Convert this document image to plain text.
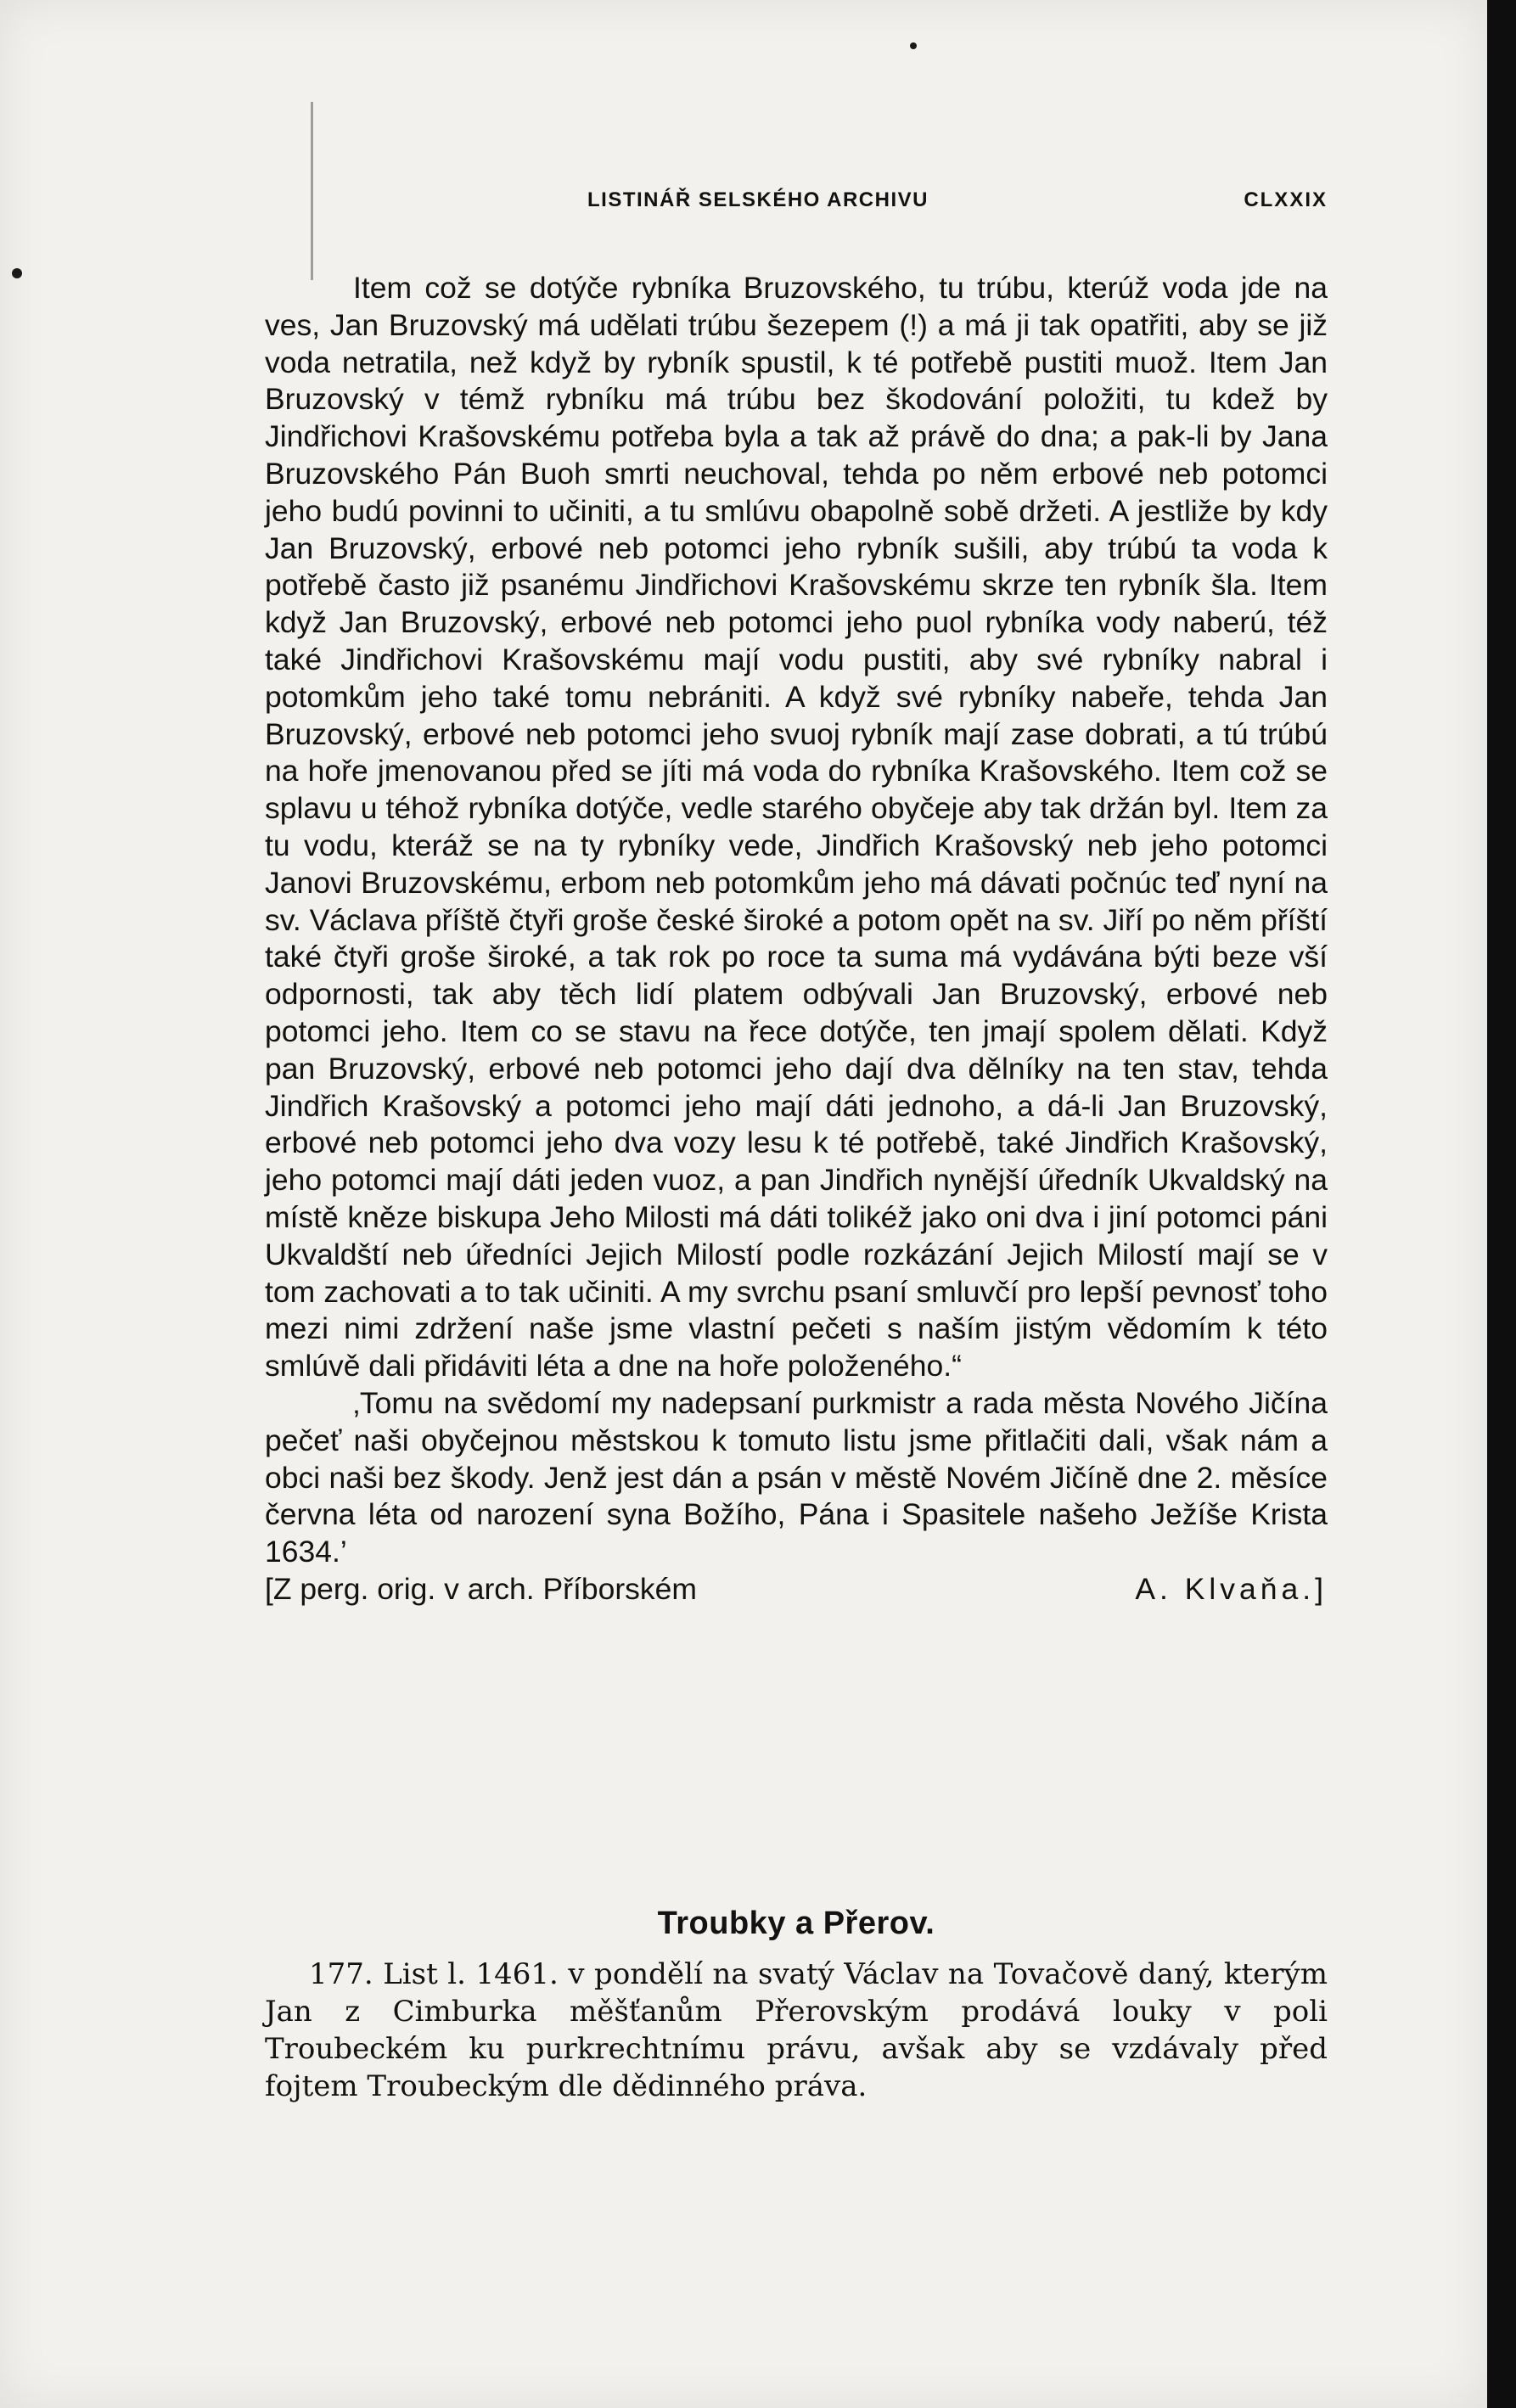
LISTINÁŘ SELSKÉHO ARCHIVU	CLXXIX

Item což se dotýče rybníka Bruzovského, tu trúbu, kterúž voda jde na ves, Jan Bruzovský má udělati trúbu šezepem (!) a má ji tak opatřiti, aby se již voda netratila, než když by rybník spustil, k té potřebě pustiti muož. Item Jan Bruzovský v témž rybníku má trúbu bez škodování položiti, tu kdež by Jindřichovi Krašovskému potřeba byla a tak až právě do dna; a pak-li by Jana Bruzovského Pán Buoh smrti neuchoval, tehda po něm erbové neb potomci jeho budú povinni to učiniti, a tu smlúvu obapolně sobě držeti. A jestliže by kdy Jan Bruzovský, erbové neb potomci jeho rybník sušili, aby trúbú ta voda k potřebě často již psanému Jindřichovi Krašovskému skrze ten rybník šla. Item když Jan Bruzovský, erbové neb potomci jeho puol rybníka vody naberú, též také Jindřichovi Krašovskému mají vodu pustiti, aby své rybníky nabral i potomkům jeho také tomu nebrániti. A když své rybníky nabeře, tehda Jan Bruzovský, erbové neb potomci jeho svuoj rybník mají zase dobrati, a tú trúbú na hoře jmenovanou před se jíti má voda do rybníka Krašovského. Item což se splavu u téhož rybníka dotýče, vedle starého obyčeje aby tak držán byl. Item za tu vodu, kteráž se na ty rybníky vede, Jindřich Krašovský neb jeho potomci Janovi Bruzovskému, erbom neb potomkům jeho má dávati počnúc teď nyní na sv. Václava příště čtyři groše české široké a potom opět na sv. Jiří po něm příští také čtyři groše široké, a tak rok po roce ta suma má vydávána býti beze vší odpornosti, tak aby těch lidí platem odbývali Jan Bruzovský, erbové neb potomci jeho. Item co se stavu na řece dotýče, ten jmají spolem dělati. Když pan Bruzovský, erbové neb potomci jeho dají dva dělníky na ten stav, tehda Jindřich Krašovský a potomci jeho mají dáti jednoho, a dá-li Jan Bruzovský, erbové neb potomci jeho dva vozy lesu k té potřebě, také Jindřich Krašovský, jeho potomci mají dáti jeden vuoz, a pan Jindřich nynější úředník Ukvaldský na místě kněze biskupa Jeho Milosti má dáti tolikéž jako oni dva i jiní potomci páni Ukvaldští neb úředníci Jejich Milostí podle rozkázání Jejich Milostí mají se v tom zachovati a to tak učiniti. A my svrchu psaní smluvčí pro lepší pevnosť toho mezi nimi zdržení naše jsme vlastní pečeti s naším jistým vědomím k této smlúvě dali přidáviti léta a dne na hoře položeného.“

‚Tomu na svědomí my nadepsaní purkmistr a rada města Nového Jičína pečeť naši obyčejnou městskou k tomuto listu jsme přitlačiti dali, však nám a obci naši bez škody. Jenž jest dán a psán v městě Novém Jičíně dne 2. měsíce června léta od narození syna Božího, Pána i Spasitele našeho Ježíše Krista 1634.’

[Z perg. orig. v arch. Příborském	A. Klvaňa.]

Troubky a Přerov.
177. List l. 1461. v pondělí na svatý Václav na Tovačově daný, kterým Jan z Cimburka měšťanům Přerovským prodává louky v poli Troubeckém ku purkrechtnímu právu, avšak aby se vzdávaly před fojtem Troubeckým dle dědinného práva.
